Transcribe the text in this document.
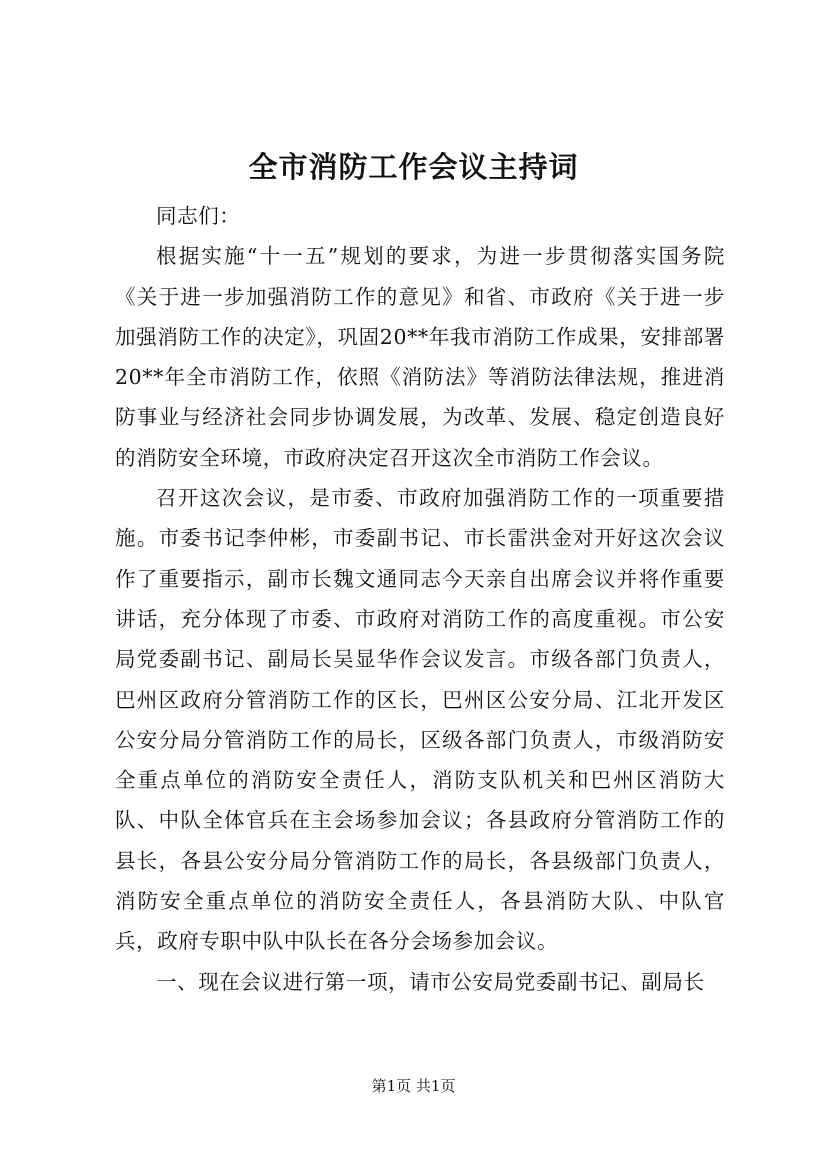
全市消防工作会议主持词

同志们：

根据实施“十一五”规划的要求，为进一步贯彻落实国务院《关于进一步加强消防工作的意见》和省、市政府《关于进一步加强消防工作的决定》，巩固20**年我市消防工作成果，安排部署20**年全市消防工作，依照《消防法》等消防法律法规，推进消防事业与经济社会同步协调发展，为改革、发展、稳定创造良好的消防安全环境，市政府决定召开这次全市消防工作会议。

召开这次会议，是市委、市政府加强消防工作的一项重要措施。市委书记李仲彬，市委副书记、市长雷洪金对开好这次会议作了重要指示，副市长魏文通同志今天亲自出席会议并将作重要讲话，充分体现了市委、市政府对消防工作的高度重视。市公安局党委副书记、副局长吴显华作会议发言。市级各部门负责人，巴州区政府分管消防工作的区长，巴州区公安分局、江北开发区公安分局分管消防工作的局长，区级各部门负责人，市级消防安全重点单位的消防安全责任人，消防支队机关和巴州区消防大队、中队全体官兵在主会场参加会议；各县政府分管消防工作的县长，各县公安分局分管消防工作的局长，各县级部门负责人，消防安全重点单位的消防安全责任人，各县消防大队、中队官兵，政府专职中队中队长在各分会场参加会议。

一、现在会议进行第一项，请市公安局党委副书记、副局长

第1页 共1页
